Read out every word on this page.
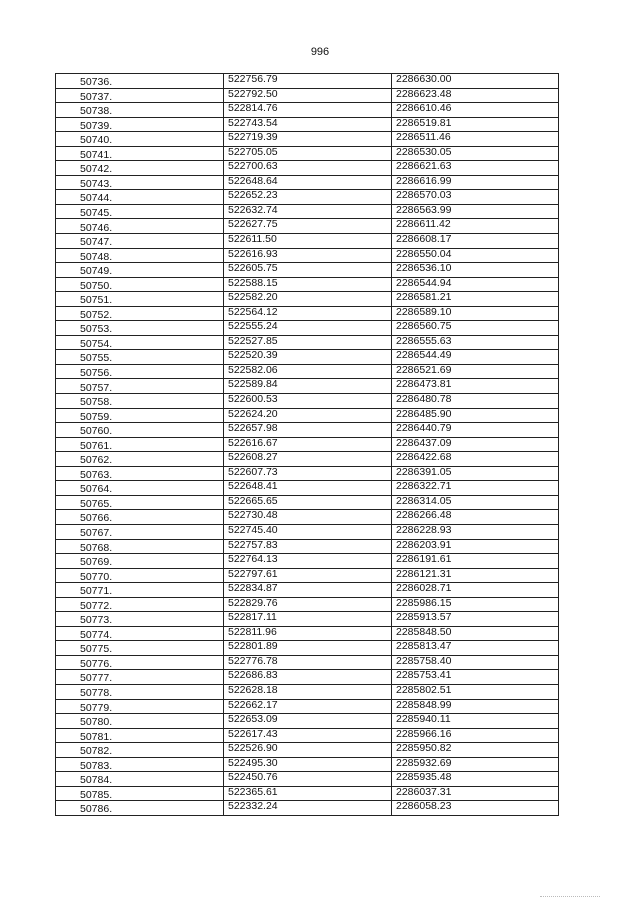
996
50736.	522756.79	2286630.00
50737.	522792.50	2286623.48
50738.	522814.76	2286610.46
50739.	522743.54	2286519.81
50740.	522719.39	2286511.46
50741.	522705.05	2286530.05
50742.	522700.63	2286621.63
50743.	522648.64	2286616.99
50744.	522652.23	2286570.03
50745.	522632.74	2286563.99
50746.	522627.75	2286611.42
50747.	522611.50	2286608.17
50748.	522616.93	2286550.04
50749.	522605.75	2286536.10
50750.	522588.15	2286544.94
50751.	522582.20	2286581.21
50752.	522564.12	2286589.10
50753.	522555.24	2286560.75
50754.	522527.85	2286555.63
50755.	522520.39	2286544.49
50756.	522582.06	2286521.69
50757.	522589.84	2286473.81
50758.	522600.53	2286480.78
50759.	522624.20	2286485.90
50760.	522657.98	2286440.79
50761.	522616.67	2286437.09
50762.	522608.27	2286422.68
50763.	522607.73	2286391.05
50764.	522648.41	2286322.71
50765.	522665.65	2286314.05
50766.	522730.48	2286266.48
50767.	522745.40	2286228.93
50768.	522757.83	2286203.91
50769.	522764.13	2286191.61
50770.	522797.61	2286121.31
50771.	522834.87	2286028.71
50772.	522829.76	2285986.15
50773.	522817.11	2285913.57
50774.	522811.96	2285848.50
50775.	522801.89	2285813.47
50776.	522776.78	2285758.40
50777.	522686.83	2285753.41
50778.	522628.18	2285802.51
50779.	522662.17	2285848.99
50780.	522653.09	2285940.11
50781.	522617.43	2285966.16
50782.	522526.90	2285950.82
50783.	522495.30	2285932.69
50784.	522450.76	2285935.48
50785.	522365.61	2286037.31
50786.	522332.24	2286058.23
